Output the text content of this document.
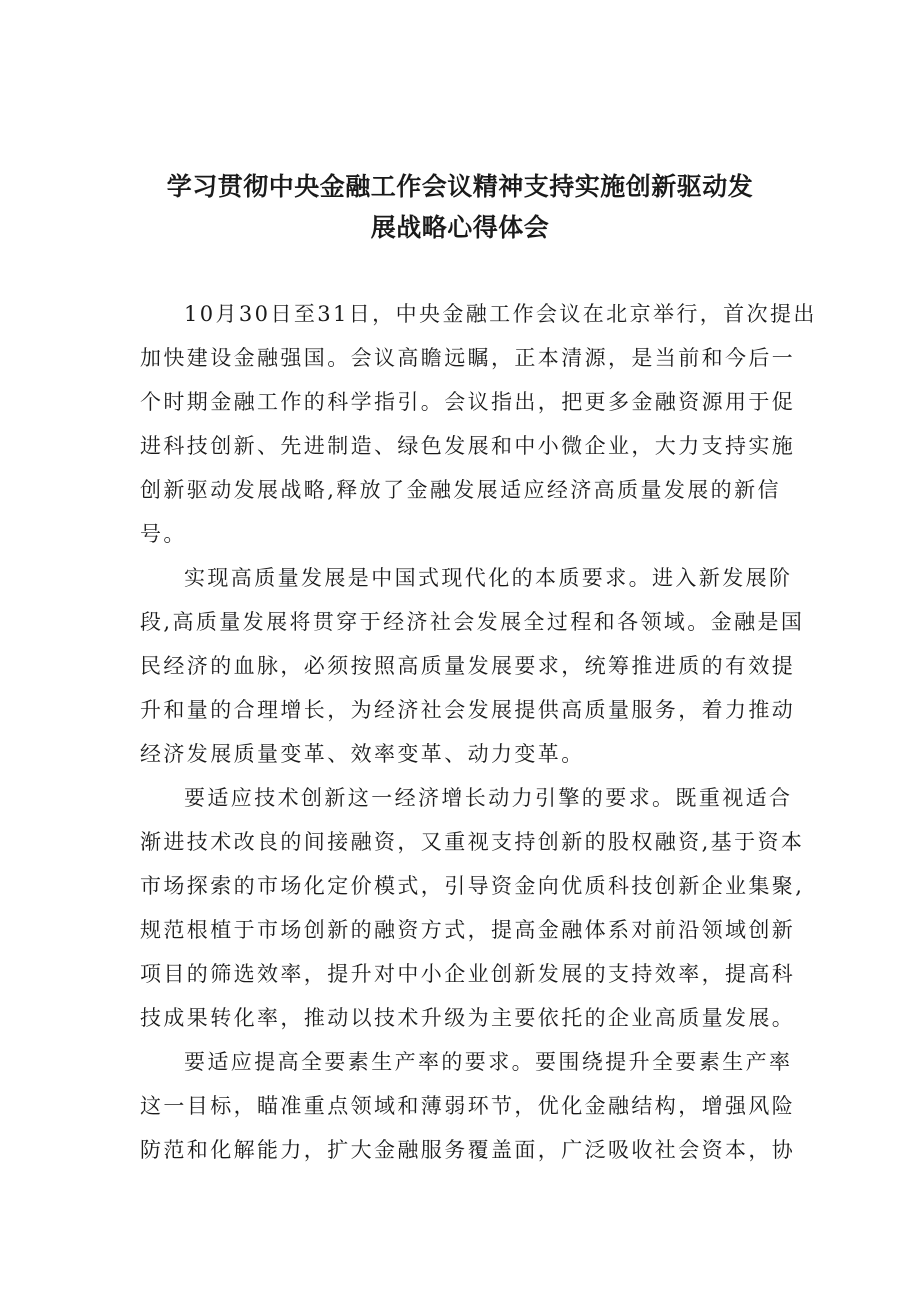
学习贯彻中央金融工作会议精神支持实施创新驱动发
展战略心得体会
10月30日至31日，中央金融工作会议在北京举行，首次提出
加快建设金融强国。会议高瞻远瞩，正本清源，是当前和今后一
个时期金融工作的科学指引。会议指出，把更多金融资源用于促
进科技创新、先进制造、绿色发展和中小微企业，大力支持实施
创新驱动发展战略,释放了金融发展适应经济高质量发展的新信
号。
实现高质量发展是中国式现代化的本质要求。进入新发展阶
段,高质量发展将贯穿于经济社会发展全过程和各领域。金融是国
民经济的血脉，必须按照高质量发展要求，统筹推进质的有效提
升和量的合理增长，为经济社会发展提供高质量服务，着力推动
经济发展质量变革、效率变革、动力变革。
要适应技术创新这一经济增长动力引擎的要求。既重视适合
渐进技术改良的间接融资，又重视支持创新的股权融资,基于资本
市场探索的市场化定价模式，引导资金向优质科技创新企业集聚,
规范根植于市场创新的融资方式，提高金融体系对前沿领域创新
项目的筛选效率，提升对中小企业创新发展的支持效率，提高科
技成果转化率，推动以技术升级为主要依托的企业高质量发展。
要适应提高全要素生产率的要求。要围绕提升全要素生产率
这一目标，瞄准重点领域和薄弱环节，优化金融结构，增强风险
防范和化解能力，扩大金融服务覆盖面，广泛吸收社会资本，协
